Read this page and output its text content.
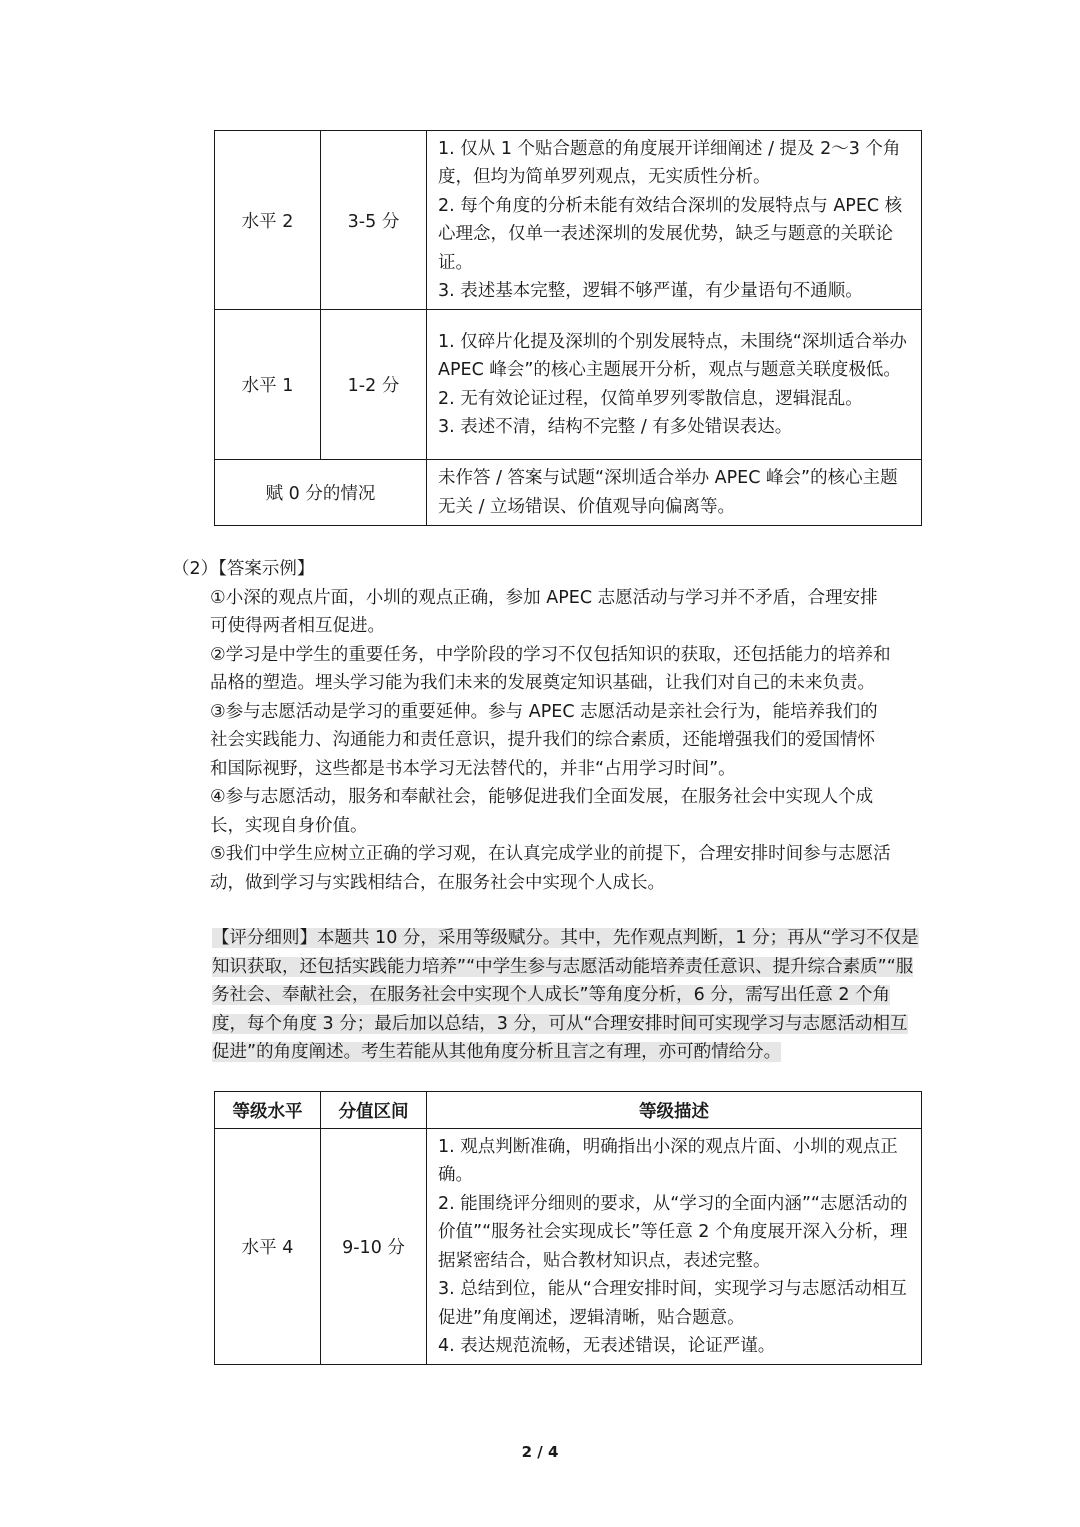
水平 2	3-5 分	1. 仅从 1 个贴合题意的角度展开详细阐述 / 提及 2～3 个角度，但均为简单罗列观点，无实质性分析。

2. 每个角度的分析未能有效结合深圳的发展特点与 APEC 核心理念，仅单一表述深圳的发展优势，缺乏与题意的关联论证。

3. 表述基本完整，逻辑不够严谨，有少量语句不通顺。

水平 1	1-2 分	1. 仅碎片化提及深圳的个别发展特点，未围绕“深圳适合举办 APEC 峰会”的核心主题展开分析，观点与题意关联度极低。

2. 无有效论证过程，仅简单罗列零散信息，逻辑混乱。

3. 表述不清，结构不完整 / 有多处错误表达。

赋 0 分的情况		未作答 / 答案与试题“深圳适合举办 APEC 峰会”的核心主题无关 / 立场错误、价值观导向偏离等。
（2）【答案示例】

①小深的观点片面，小圳的观点正确，参加 APEC 志愿活动与学习并不矛盾，合理安排可使得两者相互促进。

②学习是中学生的重要任务，中学阶段的学习不仅包括知识的获取，还包括能力的培养和品格的塑造。埋头学习能为我们未来的发展奠定知识基础，让我们对自己的未来负责。

③参与志愿活动是学习的重要延伸。参与 APEC 志愿活动是亲社会行为，能培养我们的社会实践能力、沟通能力和责任意识，提升我们的综合素质，还能增强我们的爱国情怀和国际视野，这些都是书本学习无法替代的，并非“占用学习时间”。

④参与志愿活动，服务和奉献社会，能够促进我们全面发展，在服务社会中实现人个成长，实现自身价值。

⑤我们中学生应树立正确的学习观，在认真完成学业的前提下，合理安排时间参与志愿活动，做到学习与实践相结合，在服务社会中实现个人成长。

【评分细则】本题共 10 分，采用等级赋分。其中，先作观点判断，1 分；再从“学习不仅是知识获取，还包括实践能力培养”“中学生参与志愿活动能培养责任意识、提升综合素质”“服务社会、奉献社会，在服务社会中实现个人成长”等角度分析，6 分，需写出任意 2 个角度，每个角度 3 分；最后加以总结，3 分，可从“合理安排时间可实现学习与志愿活动相互促进”的角度阐述。考生若能从其他角度分析且言之有理，亦可酌情给分。
等级水平	分值区间	等级描述
水平 4	9-10 分	1. 观点判断准确，明确指出小深的观点片面、小圳的观点正确。

2. 能围绕评分细则的要求，从“学习的全面内涵”“志愿活动的价值”“服务社会实现成长”等任意 2 个角度展开深入分析，理据紧密结合，贴合教材知识点，表述完整。

3. 总结到位，能从“合理安排时间，实现学习与志愿活动相互促进”角度阐述，逻辑清晰，贴合题意。

4. 表达规范流畅，无表述错误，论证严谨。

2 / 4
